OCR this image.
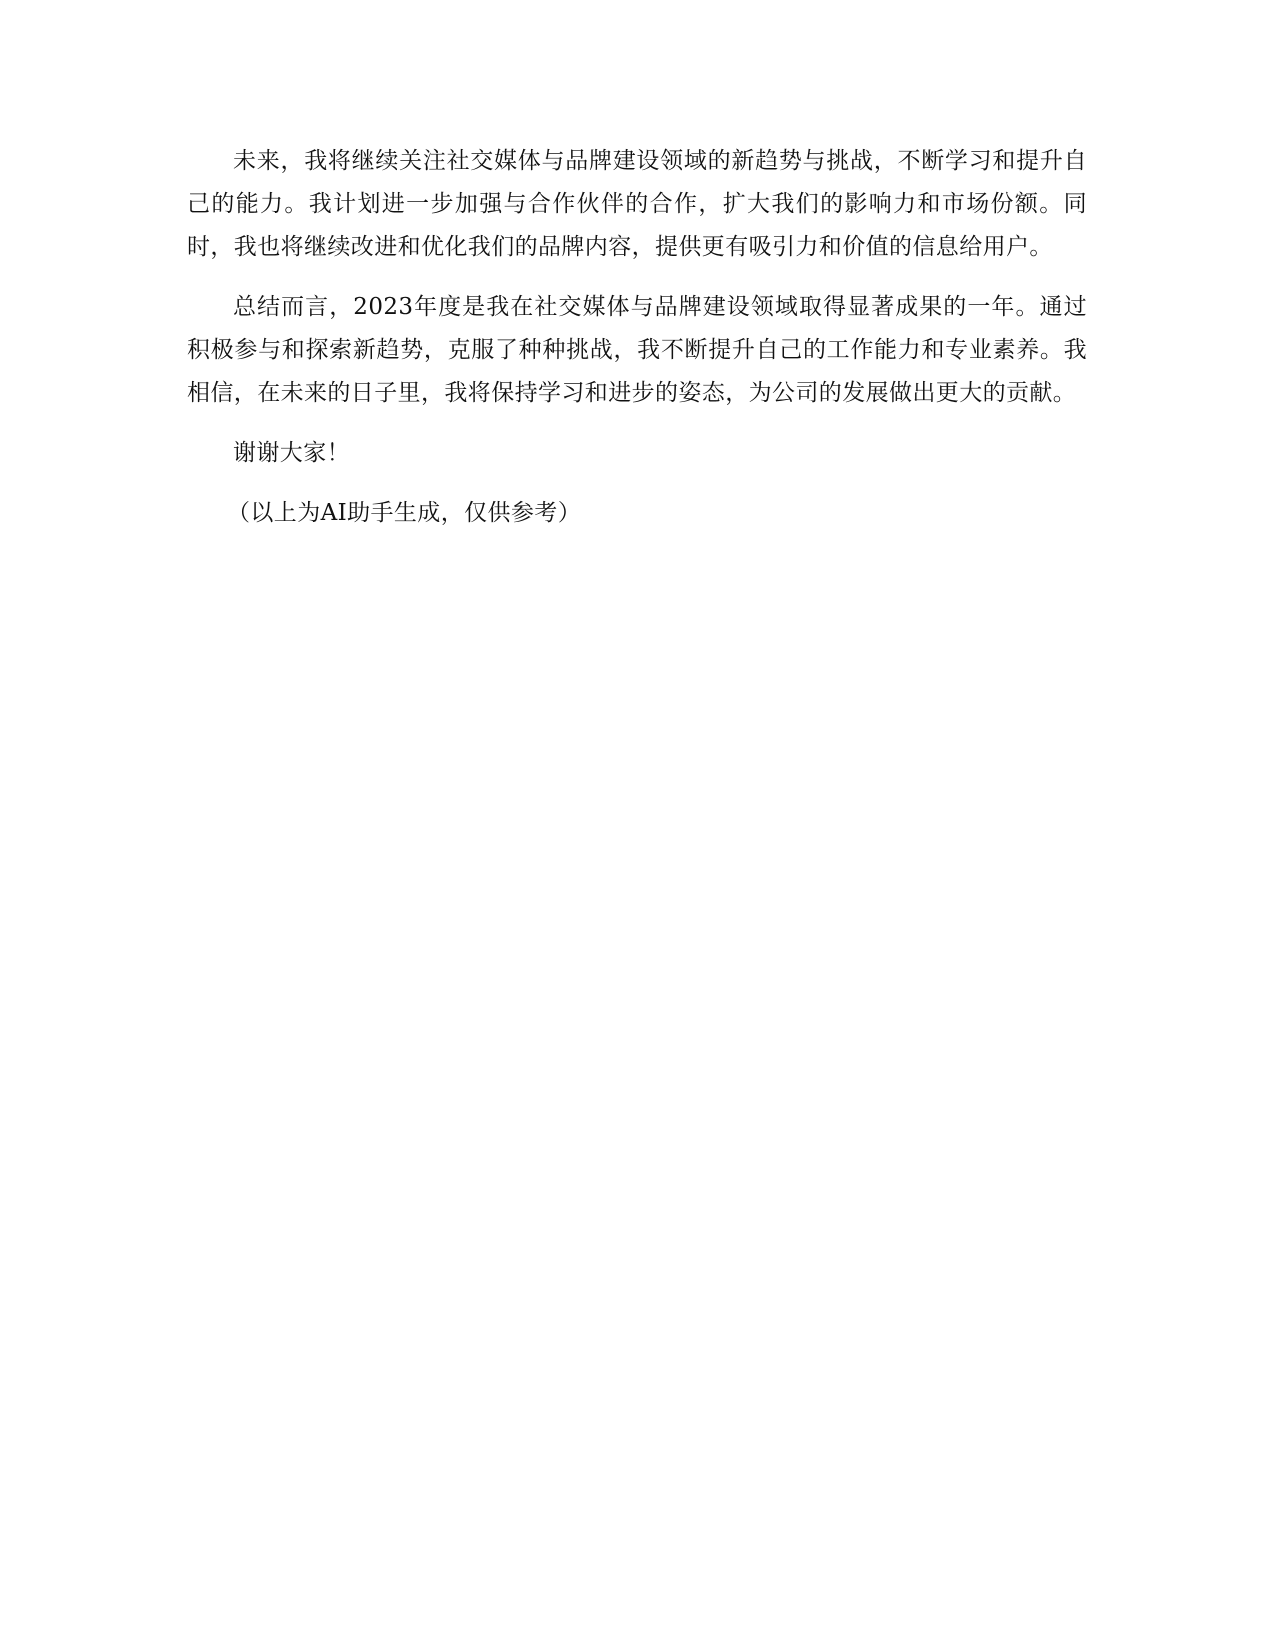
未来，我将继续关注社交媒体与品牌建设领域的新趋势与挑战，不断学习和提升自己的能力。我计划进一步加强与合作伙伴的合作，扩大我们的影响力和市场份额。同时，我也将继续改进和优化我们的品牌内容，提供更有吸引力和价值的信息给用户。

总结而言，2023年度是我在社交媒体与品牌建设领域取得显著成果的一年。通过积极参与和探索新趋势，克服了种种挑战，我不断提升自己的工作能力和专业素养。我相信，在未来的日子里，我将保持学习和进步的姿态，为公司的发展做出更大的贡献。

谢谢大家！

（以上为AI助手生成，仅供参考）
